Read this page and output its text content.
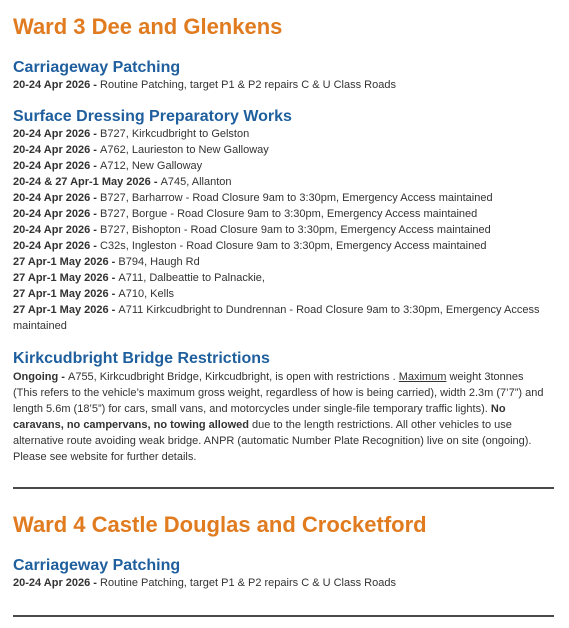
Ward 3 Dee and Glenkens
Carriageway Patching
20-24 Apr 2026 - Routine Patching, target P1 & P2 repairs C & U Class Roads
Surface Dressing Preparatory Works
20-24 Apr 2026 - B727, Kirkcudbright to Gelston
20-24 Apr 2026 - A762, Laurieston to New Galloway
20-24 Apr 2026 - A712, New Galloway
20-24 & 27 Apr-1 May 2026 - A745, Allanton
20-24 Apr 2026 - B727, Barharrow - Road Closure 9am to 3:30pm, Emergency Access maintained
20-24 Apr 2026 - B727, Borgue - Road Closure 9am to 3:30pm, Emergency Access maintained
20-24 Apr 2026 - B727, Bishopton - Road Closure 9am to 3:30pm, Emergency Access maintained
20-24 Apr 2026 - C32s, Ingleston - Road Closure 9am to 3:30pm, Emergency Access maintained
27 Apr-1 May 2026 - B794, Haugh Rd
27 Apr-1 May 2026 - A711, Dalbeattie to Palnackie,
27 Apr-1 May 2026 - A710, Kells
27 Apr-1 May 2026 - A711 Kirkcudbright to Dundrennan - Road Closure 9am to 3:30pm, Emergency Access maintained
Kirkcudbright Bridge Restrictions

Ongoing - A755, Kirkcudbright Bridge, Kirkcudbright, is open with restrictions . Maximum weight 3tonnes (This refers to the vehicle’s maximum gross weight, regardless of how is being carried), width 2.3m (7’7”) and length 5.6m (18’5”) for cars, small vans, and motorcycles under single-file temporary traffic lights). No caravans, no campervans, no towing allowed due to the length restrictions. All other vehicles to use alternative route avoiding weak bridge. ANPR (automatic Number Plate Recognition) live on site (ongoing). Please see website for further details.

Ward 4 Castle Douglas and Crocketford
Carriageway Patching
20-24 Apr 2026 - Routine Patching, target P1 & P2 repairs C & U Class Roads
